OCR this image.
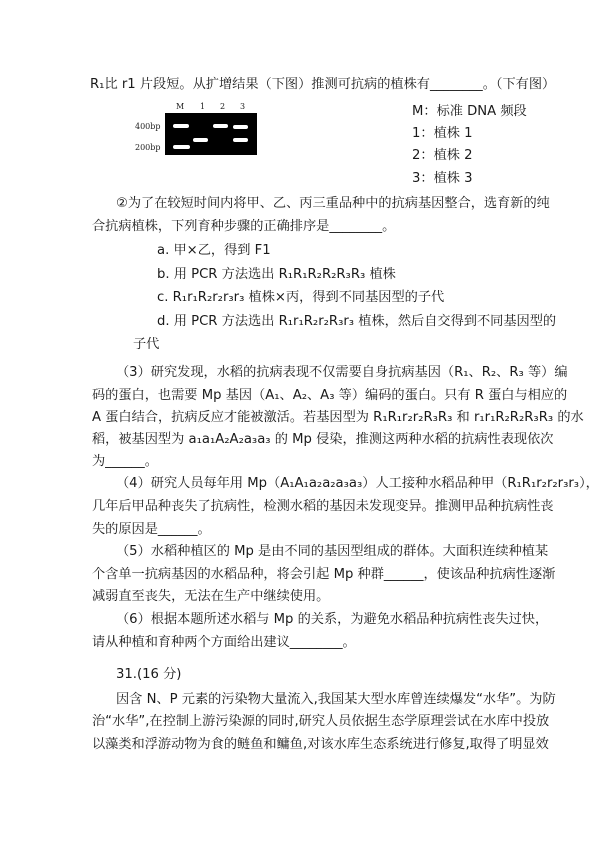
R₁比 r1 片段短。从扩增结果（下图）推测可抗病的植株有________。（下有图）
M 1 2 3
400bp
200bp
M：标准 DNA 频段
1：植株 1
2：植株 2
3：植株 3
②为了在较短时间内将甲、乙、丙三重品种中的抗病基因整合，选育新的纯
合抗病植株，下列育种步骤的正确排序是________。
a. 甲×乙，得到 F1
b. 用 PCR 方法选出 R₁R₁R₂R₂R₃R₃ 植株
c. R₁r₁R₂r₂r₃r₃ 植株×丙，得到不同基因型的子代
d. 用 PCR 方法选出 R₁r₁R₂r₂R₃r₃ 植株，然后自交得到不同基因型的
子代
（3）研究发现，水稻的抗病表现不仅需要自身抗病基因（R₁、R₂、R₃ 等）编
码的蛋白，也需要 Mp 基因（A₁、A₂、A₃ 等）编码的蛋白。只有 R 蛋白与相应的
A 蛋白结合，抗病反应才能被激活。若基因型为 R₁R₁r₂r₂R₃R₃ 和 r₁r₁R₂R₂R₃R₃ 的水
稻，被基因型为 a₁a₁A₂A₂a₃a₃ 的 Mp 侵染，推测这两种水稻的抗病性表现依次
为______。
（4）研究人员每年用 Mp（A₁A₁a₂a₂a₃a₃）人工接种水稻品种甲（R₁R₁r₂r₂r₃r₃），
几年后甲品种丧失了抗病性，检测水稻的基因未发现变异。推测甲品种抗病性丧
失的原因是______。
（5）水稻种植区的 Mp 是由不同的基因型组成的群体。大面积连续种植某
个含单一抗病基因的水稻品种，将会引起 Mp 种群______，使该品种抗病性逐渐
减弱直至丧失，无法在生产中继续使用。
（6）根据本题所述水稻与 Mp 的关系，为避免水稻品种抗病性丧失过快，
请从种植和育种两个方面给出建议________。
31.(16 分)
因含 N、P 元素的污染物大量流入,我国某大型水库曾连续爆发“水华”。为防
治“水华”,在控制上游污染源的同时,研究人员依据生态学原理尝试在水库中投放
以藻类和浮游动物为食的鲢鱼和鳙鱼,对该水库生态系统进行修复,取得了明显效
